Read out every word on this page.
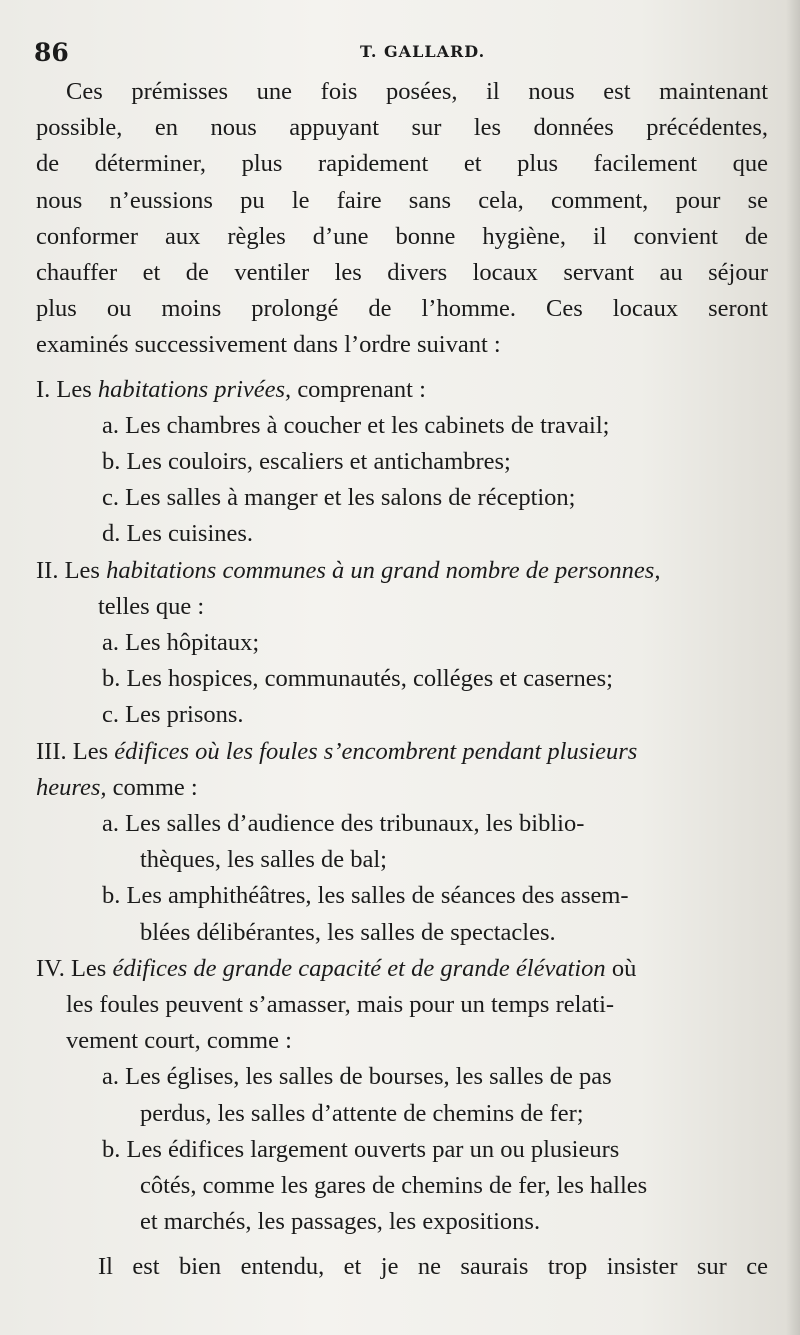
86	T. GALLARD.
Ces prémisses une fois posées, il nous est maintenant
possible, en nous appuyant sur les données précédentes,
de déterminer, plus rapidement et plus facilement que
nous n’eussions pu le faire sans cela, comment, pour se
conformer aux règles d’une bonne hygiène, il convient de
chauffer et de ventiler les divers locaux servant au séjour
plus ou moins prolongé de l’homme. Ces locaux seront
examinés successivement dans l’ordre suivant :
I. Les habitations privées, comprenant :
a. Les chambres à coucher et les cabinets de travail;
b. Les couloirs, escaliers et antichambres;
c. Les salles à manger et les salons de réception;
d. Les cuisines.
II. Les habitations communes à un grand nombre de personnes,
telles que :
a. Les hôpitaux;
b. Les hospices, communautés, colléges et casernes;
c. Les prisons.
III. Les édifices où les foules s’encombrent pendant plusieurs
heures, comme :
a. Les salles d’audience des tribunaux, les biblio-
thèques, les salles de bal;
b. Les amphithéâtres, les salles de séances des assem-
blées délibérantes, les salles de spectacles.
IV. Les édifices de grande capacité et de grande élévation où
les foules peuvent s’amasser, mais pour un temps relati-
vement court, comme :
a. Les églises, les salles de bourses, les salles de pas
perdus, les salles d’attente de chemins de fer;
b. Les édifices largement ouverts par un ou plusieurs
côtés, comme les gares de chemins de fer, les halles
et marchés, les passages, les expositions.
Il est bien entendu, et je ne saurais trop insister sur ce
